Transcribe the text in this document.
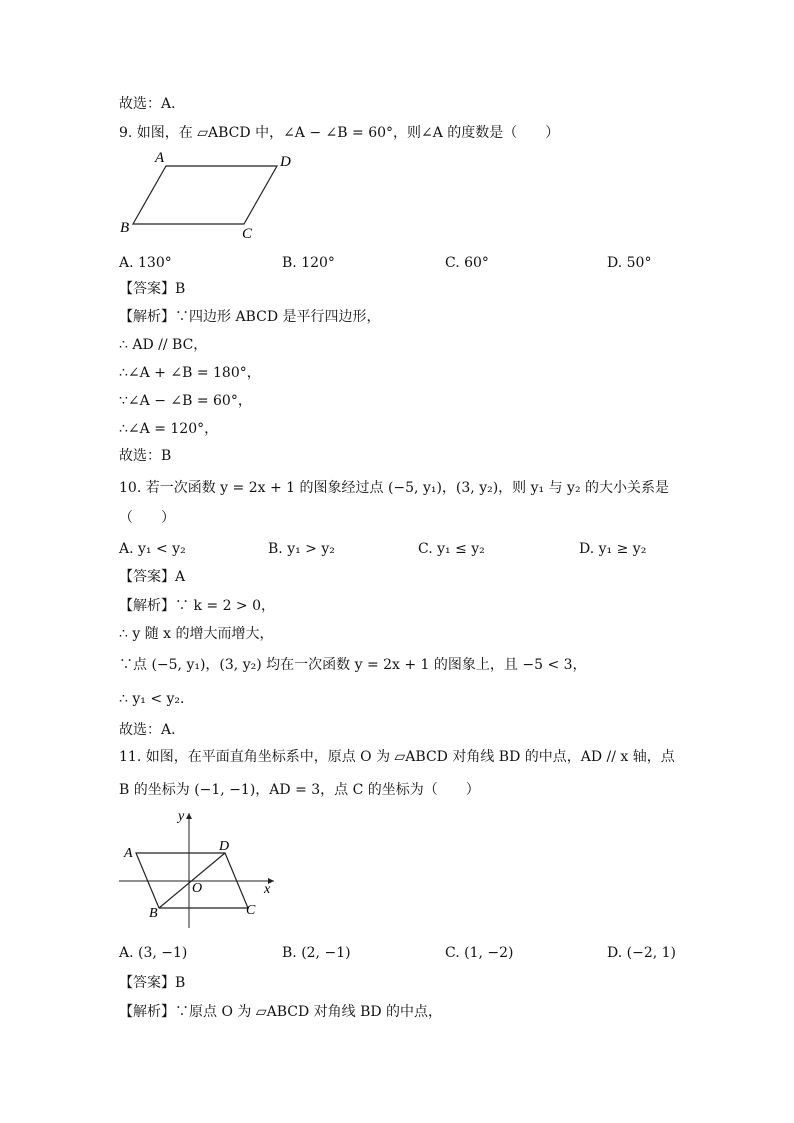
故选：A．
9. 如图，在 ▱ABCD 中，∠A − ∠B = 60°，则∠A 的度数是（　　）
A	D
B	C
A. 130°	B. 120°	C. 60°	D. 50°
【答案】B
【解析】∵四边形 ABCD 是平行四边形，
∴ AD // BC，
∴∠A + ∠B = 180°，
∵∠A − ∠B = 60°，
∴∠A = 120°，
故选：B
10. 若一次函数 y = 2x + 1 的图象经过点 (−5, y₁)，(3, y₂)，则 y₁ 与 y₂ 的大小关系是
（　　）
A. y₁ < y₂	B. y₁ > y₂	C. y₁ ≤ y₂	D. y₁ ≥ y₂
【答案】A
【解析】∵ k = 2 > 0，
∴ y 随 x 的增大而增大，
∵点 (−5, y₁)，(3, y₂) 均在一次函数 y = 2x + 1 的图象上，且 −5 < 3，
∴ y₁ < y₂．
故选：A．
11. 如图，在平面直角坐标系中，原点 O 为 ▱ABCD 对角线 BD 的中点，AD // x 轴，点
B 的坐标为 (−1, −1)，AD = 3，点 C 的坐标为（　　）
A	D
B	C
O	x
y
A. (3, −1)	B. (2, −1)	C. (1, −2)	D. (−2, 1)
【答案】B
【解析】∵原点 O 为 ▱ABCD 对角线 BD 的中点，
